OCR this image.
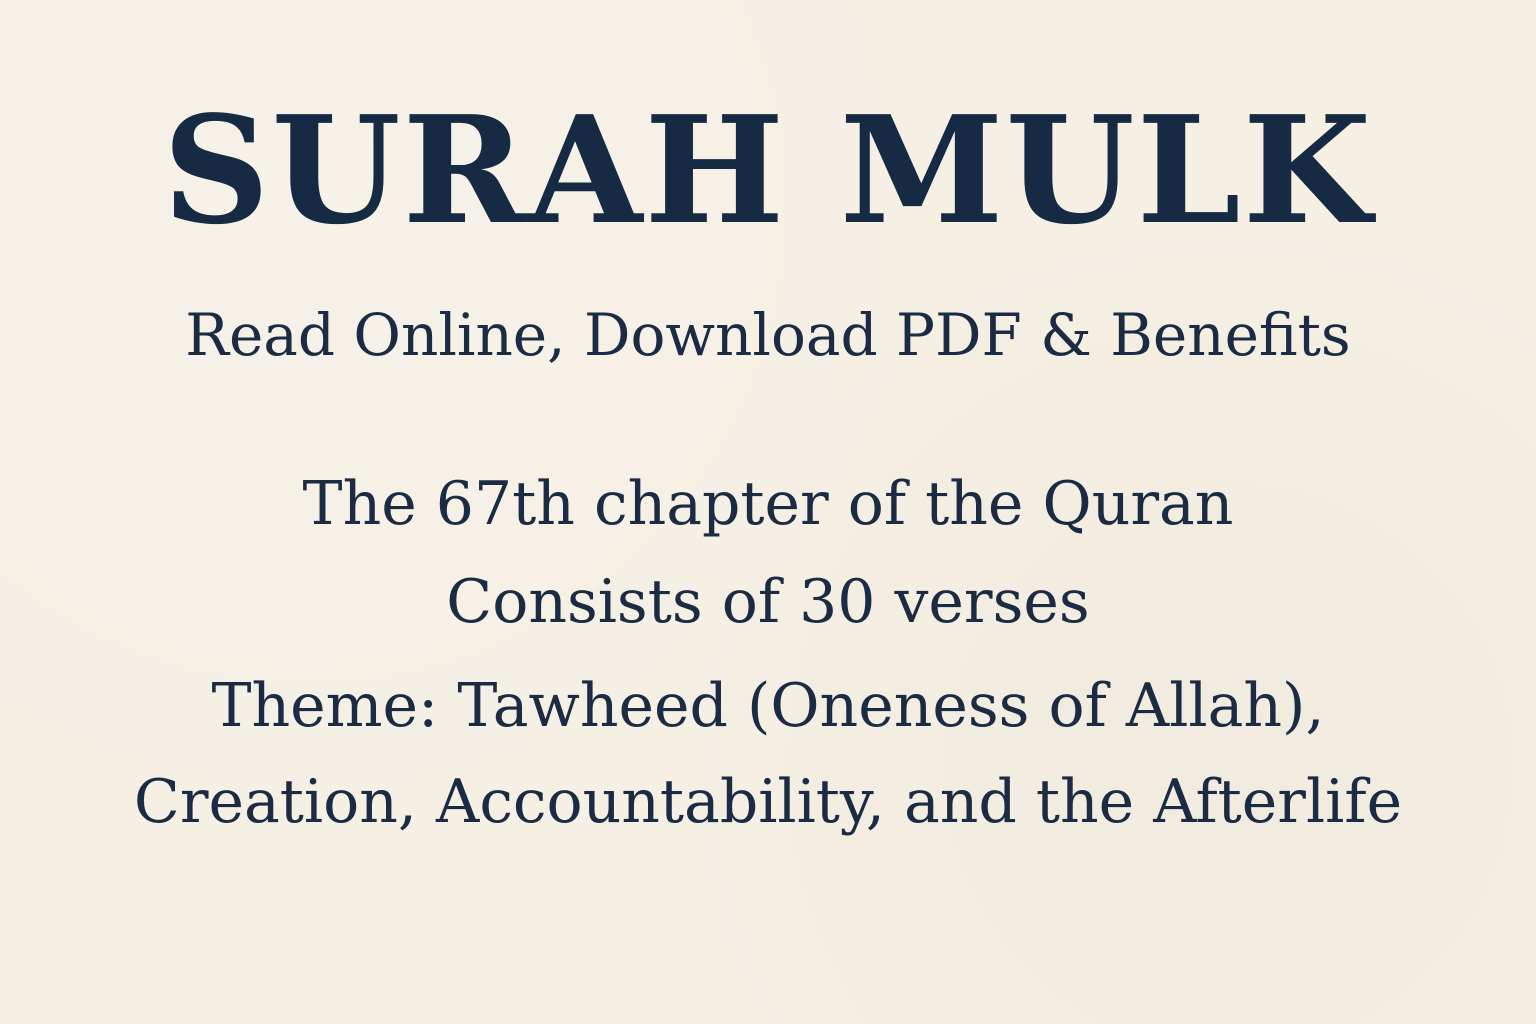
SURAH MULK
Read Online, Download PDF & Benefits
The 67th chapter of the Quran
Consists of 30 verses
Theme: Tawheed (Oneness of Allah),
Creation, Accountability, and the Afterlife
